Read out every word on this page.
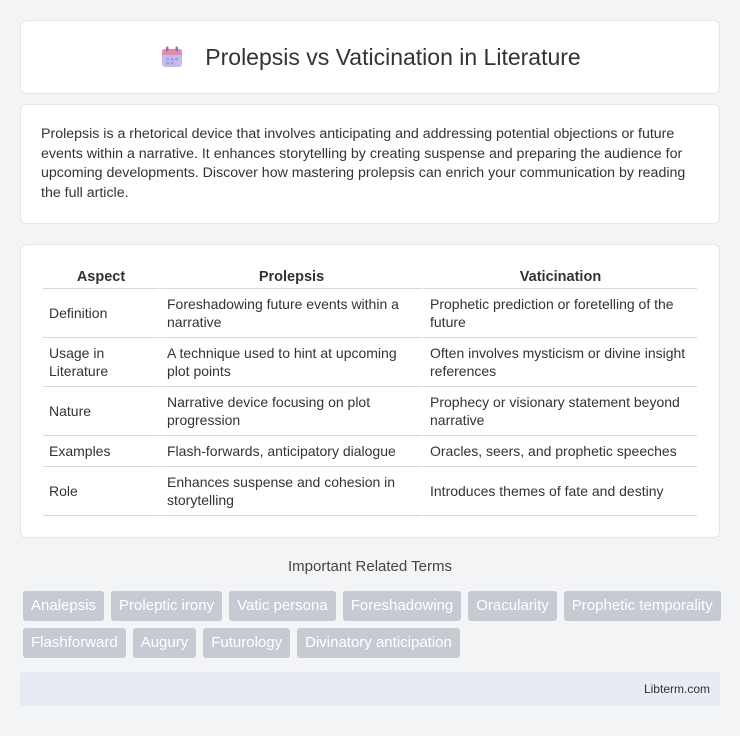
Prolepsis vs Vaticination in Literature

Prolepsis is a rhetorical device that involves anticipating and addressing potential objections or future events within a narrative. It enhances storytelling by creating suspense and preparing the audience for upcoming developments. Discover how mastering prolepsis can enrich your communication by reading the full article.

Aspect	Prolepsis	Vaticination
Definition	Foreshadowing future events within a narrative	Prophetic prediction or foretelling of the future
Usage in Literature	A technique used to hint at upcoming plot points	Often involves mysticism or divine insight references
Nature	Narrative device focusing on plot progression	Prophecy or visionary statement beyond narrative
Examples	Flash-forwards, anticipatory dialogue	Oracles, seers, and prophetic speeches
Role	Enhances suspense and cohesion in storytelling	Introduces themes of fate and destiny
Important Related Terms
Analepsis	Proleptic irony	Vatic persona	Foreshadowing	Oracularity	Prophetic temporality
Flashforward	Augury	Futurology	Divinatory anticipation
Libterm.com
